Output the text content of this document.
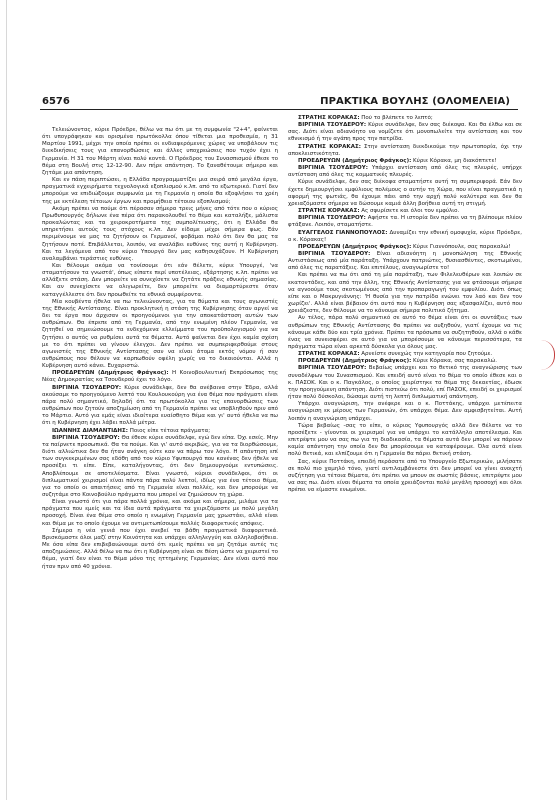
6576	ΠΡΑΚΤΙΚΑ ΒΟΥΛΗΣ (ΟΛΟΜΕΛΕΙΑ)

Τελειώνοντας, κύριε Πρόεδρε, θέλω να πω ότι με τη συμφωνία "2+4", φαίνεται ότι υπογράφηκαν και ορισμένα πρωτόκολλα όπου τίθεται μια προθεσμία, η 31 Μαρτίου 1991, μέχρι την οποία πρέπει οι ενδιαφερόμενες χώρες να υποβάλουν τις διεκδικήσεις τους για επανορθώσεις και άλλες υποχρεώσεις που τυχόν έχει η Γερμανία. Η 31 του Μάρτη είναι πολύ κοντά. Ο Πρόεδρος του Συνασπισμού έθεσε το θέμα στη Βουλή στις 12-12-90. Δεν πήρε απάντηση. Το ξαναθέτουμε σήμερα και ζητάμε μια απάντηση.

Και εν πάση περιπτώσει, η Ελλάδα προγραμματίζει μια σειρά από μεγάλα έργα, πραγματικά εγχειρήματα τεχνολογικά εξοπλισμού κ.λπ. από το εξωτερικό. Γιατί δεν μπορούμε να επιδιώξουμε συμφωνία με τη Γερμανία η οποία θα εξοφλήσει τα χρέη της με εκτέλεση τέτοιων έργων και προμήθεια τέτοιου εξοπλισμού;

Ακόμη πρέπει να πούμε ότι πέρασαν σήμερα τρεις μήνες από τότε που ο κύριος Πρωθυπουργός δήλωνε ένα πέρα ότι παρακολουθεί το θέμα και καταλήξε, μάλιστα προκαλώντας και τα χειροκροτήματα της συμπολίτευσης, ότι η Ελλάδα θα υπηρετήσει αυτούς τους στόχους κ.λπ. Δεν είδαμε μέχρι σήμερα φως. Εάν περιμένουμε να μας τα ζητήσουν οι Γερμανοί, φοβάμαι πολύ ότι δεν θα μας τα ζητήσουν ποτέ. Επιβάλλεται, λοιπόν, να αναλάβει ευθύνες της αυτή η Κυβέρνηση. Και τα λεγόμενα από τον κύριο Υπουργό δεν μας καθησυχάζουν. Η Κυβέρνηση αναλαμβάνει τεράστιες ευθύνες.

Και θέλουμε ακόμα να τονίσουμε ότι εάν θέλετε, κύριε Υπουργέ, 'να σταματήσουν τα γνωστά', όπως είπατε περί υποτέλειας, εξάρτησης κ.λπ. πρέπει να αλλάξετε στάση. Δεν μπορείτε να συνεχίσετε να ζητάτε πράξεις εθνικής σημασίας. Και αν συνεχίσετε να ολιγωρείτε, δεν μπορείτε να διαμαρτύρεστε όταν καταγγέλλεστε ότι δεν προωθείτε τα εθνικά συμφέροντα.

Μία κουβέντα ήθελα να πω τελειώνοντας, για τα θύματα και τους αγωνιστές της Εθνικής Αντίστασης. Είναι προκλητική η στάση της Κυβέρνησης όταν αργεί να δει τα έργα που άρχισαν οι προηγούμενοι για την αποκατάσταση αυτών των ανθρώπων. Θα έπρεπε από τη Γερμανία, από την ενωμένη πλέον Γερμανία, να ζητηθεί να σημειώσουμε τα ενδεχόμενα ελλείμματα του προϋπολογισμού για να ζητήσει ο αυτός να ρυθμίσει αυτά τα θέματα. Αυτό φαίνεται δεν έχει καμία σχέση με το ότι πρέπει να γίνουν έλεγχοι. Δεν πρέπει να συμπεριφερθούμε στους αγωνιστές της Εθνικής Αντίστασης σαν να είναι άτομα εκτός νόμου ή σαν ανθρώπους που θέλουν να καρπωθούν οφέλη χωρίς να το δικαιούνται. Αλλά η Κυβέρνηση αυτό κάνει. Ευχαριστώ.

ΠΡΟΕΔΡΕΥΩΝ (Δημήτριος Φράγκος): Η Κοινοβουλευτική Εκπρόσωπος της Νέας Δημοκρατίας κα Τσουδερού έχει το λόγο.

ΒΙΡΓΙΝΙΑ ΤΣΟΥΔΕΡΟΥ: Κύριε συνάδελφε, δεν θα ανέβαινα στην Έδρα, αλλά ακούσαμε το προηγούμενο λεπτό του Κουλουκούρη για ένα θέμα που πράγματι είναι πάρα πολύ σημαντικό, δηλαδή ότι τα πρωτόκολλα για τις επανορθώσεις των ανθρώπων που ζητούν αποζημίωση από τη Γερμανία πρέπει να υποβληθούν πριν από το Μάρτιο. Αυτό για εμάς είναι ιδιαίτερα ευαίσθητο θέμα και γι' αυτό ήθελα να πω ότι η Κυβέρνηση έχει λάβει πολλά μέτρα.

ΙΩΑΝΝΗΣ ΔΙΑΜΑΝΤΙΔΗΣ: Ποιος είπε τέτοια πράγματα;

ΒΙΡΓΙΝΙΑ ΤΣΟΥΔΕΡΟΥ: Θα έθεσε κύριε συνάδελφε, εγώ δεν είπα. Όχι εσείς. Μην τα παίρνετε προσωπικά. Θα τα πούμε. Και γι' αυτό ακριβώς, για να τα διορθώσουμε, διότι αλλιώτικα δεν θα ήταν ανάγκη ούτε καν να πάρω τον λόγο. Η απάντηση επί των συγκεκριμένων σας εδόθη από τον κύριο Υφυπουργό που κανένας δεν ήθελε να προσέξει τι είπε. Είπε, καταλήγοντας, ότι δεν δημιουργούμε εντυπώσεις. Αποβλέπουμε σε αποτελέσματα. Είναι γνωστό, κύριοι συνάδελφοι, ότι οι διπλωματικοί χειρισμοί είναι πάντα πάρα πολύ λεπτοί, ιδίως για ένα τέτοιο θέμα, για το οποίο οι απαιτήσεις από τη Γερμανία είναι πολλές, και δεν μπορούμε να συζητάμε στο Κοινοβούλιο πράγματα που μπορεί να ζημιώσουν τη χώρα.

Είναι γνωστό ότι για πάρα πολλά χρόνια, και ακόμα και σήμερα, μιλάμε για τα πράγματα που εμείς και τα ίδια αυτά πράγματα τα χειριζόμαστε με πολύ μεγάλη προσοχή. Είναι ένα θέμα στο οποίο η ενωμένη Γερμανία μας χρωστάει, αλλά είναι και θέμα με το οποίο έχουμε να αντιμετωπίσουμε πολλές διαφορετικές απόψεις.

Σήμερα η νέα γενιά που έχει ανεβεί τα βάθη πραγματικά διαφορετικά. Βρισκόμαστε όλοι μαζί στην Κοινότητα και υπάρχει αλληλεγγύη και αλληλοβοήθεια. Με όσα είπα δεν επιβεβαιώνουμε αυτό ότι εμείς πρέπει να μη ζητάμε αυτές τις αποζημιώσεις. Αλλά θέλω να πω ότι η Κυβέρνηση είναι σε θέση ώστε να χειριστεί το θέμα, γιατί δεν είναι το θέμα μόνο της ηττημένης Γερμανίας. Δεν είναι αυτό που ήταν πριν από 40 χρόνια.

ΣΤΡΑΤΗΣ ΚΟΡΑΚΑΣ: Πού το βλέπετε το λεπτό;

ΒΙΡΓΙΝΙΑ ΤΣΟΥΔΕΡΟΥ: Κύριε συνάδελφε, δεν σας διέκοψα. Και θα έλθω και σε σας. Διότι είναι αδιανόητο να νομίζετε ότι μονοπωλείτε την αντίσταση και τον εθνικισμό ή την αγάπη προς την πατρίδα.

ΣΤΡΑΤΗΣ ΚΟΡΑΚΑΣ: Στην αντίσταση διεκδικούμε την πρωτοπορία, όχι την αποκλειστικότητα.

ΠΡΟΕΔΡΕΥΩΝ (Δημήτριος Φράγκος): Κύριε Κόρακα, μη διακόπτετε!

ΒΙΡΓΙΝΙΑ ΤΣΟΥΔΕΡΟΥ: Υπάρχει αντίσταση από όλες τις πλευρές, υπήρχε αντίσταση από όλες τις κομματικές πλευρές.

Κύριε συνάδελφε, δεν σας διέκοψα σταματήστε αυτή τη συμπεριφορά. Εάν δεν έχετε δημιουργήσει εμφύλιους πολέμους ο αυτήν τη Χώρα, που είναι πραγματικά η αφορμή της φωτιάς, θα έχουμε πάει από την αρχή πολύ καλύτερα και δεν θα χρειαζόμαστε σήμερα να δώσουμε καμιά άλλη βοήθεια αυτή τη στιγμή.

ΣΤΡΑΤΗΣ ΚΟΡΑΚΑΣ: Ας σφυρίσετε και όλοι τον εμφύλιο.

ΒΙΡΓΙΝΙΑ ΤΣΟΥΔΕΡΟΥ: Αφήστε τα. Η ιστορία δεν πρέπει να τη βλέπουμε πλέον φτάξανε. Λοιπόν, σταματήστε.

ΕΥΑΓΓΕΛΟΣ ΓΙΑΝΝΟΠΟΥΛΟΣ: Δυναμίζει την εθνική ομοψυχία, κύριε Πρόεδρε, ο κ. Κόρακας!

ΠΡΟΕΔΡΕΥΩΝ (Δημήτριος Φράγκος): Κύριε Γιαννόπουλε, σας παρακαλώ!

ΒΙΡΓΙΝΙΑ ΤΣΟΥΔΕΡΟΥ: Είναι αδιανόητη η μονοπώληση της Εθνικής Αντιστάσεως από μία παράταξη. Υπάρχουν πατριώτες, θυσιασθέντες, σκοτωμένοι, από όλες τις παρατάξεις. Και επιτέλους, αναγνωρίστε το!

Και πρέπει να πω ότι από τη μία παράταξη, των Φιλελευθέρων και λοιπών σε εκατοντάδες, και από την άλλη, της Εθνικής Αντίστασης για να φτάσουμε σήμερα να αγνοούμε τους σκοτωμένους από την προπαραγωγή του εμφυλίου. Διότι όπως είπε και ο Μακρυγιάννης: 'Η θυσία για την πατρίδα ενώνει τον λαό και δεν τον χωρίζει'. Αλλά είναι βέβαιον ότι αυτό που η Κυβέρνηση σας εξασφαλίζει, αυτό που χρειάζεστε, δεν θέλουμε να το κάνουμε σήμερα πολιτικό ζήτημα.

Αν τέλος, πάρα πολύ σημαντικό σε αυτό το θέμα είναι ότι οι συντάξεις των ανθρώπων της Εθνικής Αντίστασης θα πρέπει να αυξηθούν, γιατί έχουμε να τις κάνουμε κάθε δύο και τρία χρόνια. Πρέπει τα πρόσωπα να συζητηθούν, αλλά ο κάθε ένας να συνεισφέρει σε αυτό για να μπορέσουμε να κάνουμε περισσότερα, τα πράγματα τώρα είναι αρκετά δύσκολα για όλους μας.

ΣΤΡΑΤΗΣ ΚΟΡΑΚΑΣ: Αρνείστε συνεχώς την κατηγορία που ζητούμε.

ΠΡΟΕΔΡΕΥΩΝ (Δημήτριος Φράγκος): Κύριε Κόρακα, σας παρακαλώ.

ΒΙΡΓΙΝΙΑ ΤΣΟΥΔΕΡΟΥ: Βεβαίως υπάρχει και το θετικό της αναγνώρισης των συναδέλφων του Συνασπισμού. Και επειδή αυτό είναι το θέμα το οποίο έθεσε και ο κ. ΠΑΣΟΚ. Και ο κ. Παγκάλος, ο οποίος χειρίστηκε το θέμα της δεκαετίας, έδωσε την προηγούμενη απάντηση. Διότι πιστεύω ότι πολύ, επί ΠΑΣΟΚ, επειδή οι χειρισμοί ήταν πολύ δύσκολοι, δώσαμε αυτή τη λεπτή διπλωματική απάντηση.

Υπάρχει αναγνώριση, την ανέφερε και ο κ. Ποττάκης, υπάρχει μετέπειτα αναγνώριση εκ μέρους των Γερμανών, ότι υπάρχει θέμα. Δεν αμφισβητείται. Αυτή λοιπόν η αναγνώριση υπάρχει.

Τώρα βεβαίως -σας το είπε, ο κύριος Υφυπουργός αλλά δεν θέλατε να το προσέξετε - γίνονται οι χειρισμοί για να υπάρχει το κατάλληλο αποτέλεσμα. Και επιτρέψτε μου να σας πω για τη διαδικασία, τα θέματα αυτά δεν μπορεί να πάρουν καμία απάντηση την οποία δεν θα μπορέσουμε να καταφέρουμε. Όλα αυτά είναι πολύ θετικά, και ελπίζουμε ότι η Γερμανία θα πάρει θετική στάση.

Σας, κύριε Ποττάκη, επειδή περάσατε από το Υπουργείο Εξωτερικών, μιλήσατε σε πολύ πιο χαμηλό τόνο, γιατί αντιλαμβάνεστε ότι δεν μπορεί να γίνει ανοιχτή συζήτηση για τέτοια θέματα, ότι πρέπει να μπουν σε σωστές βάσεις, επιτρέψτε μου να σας πω. Διότι είναι θέματα τα οποία χρειάζονται πολύ μεγάλη προσοχή και όλοι πρέπει να είμαστε ενωμένοι.
